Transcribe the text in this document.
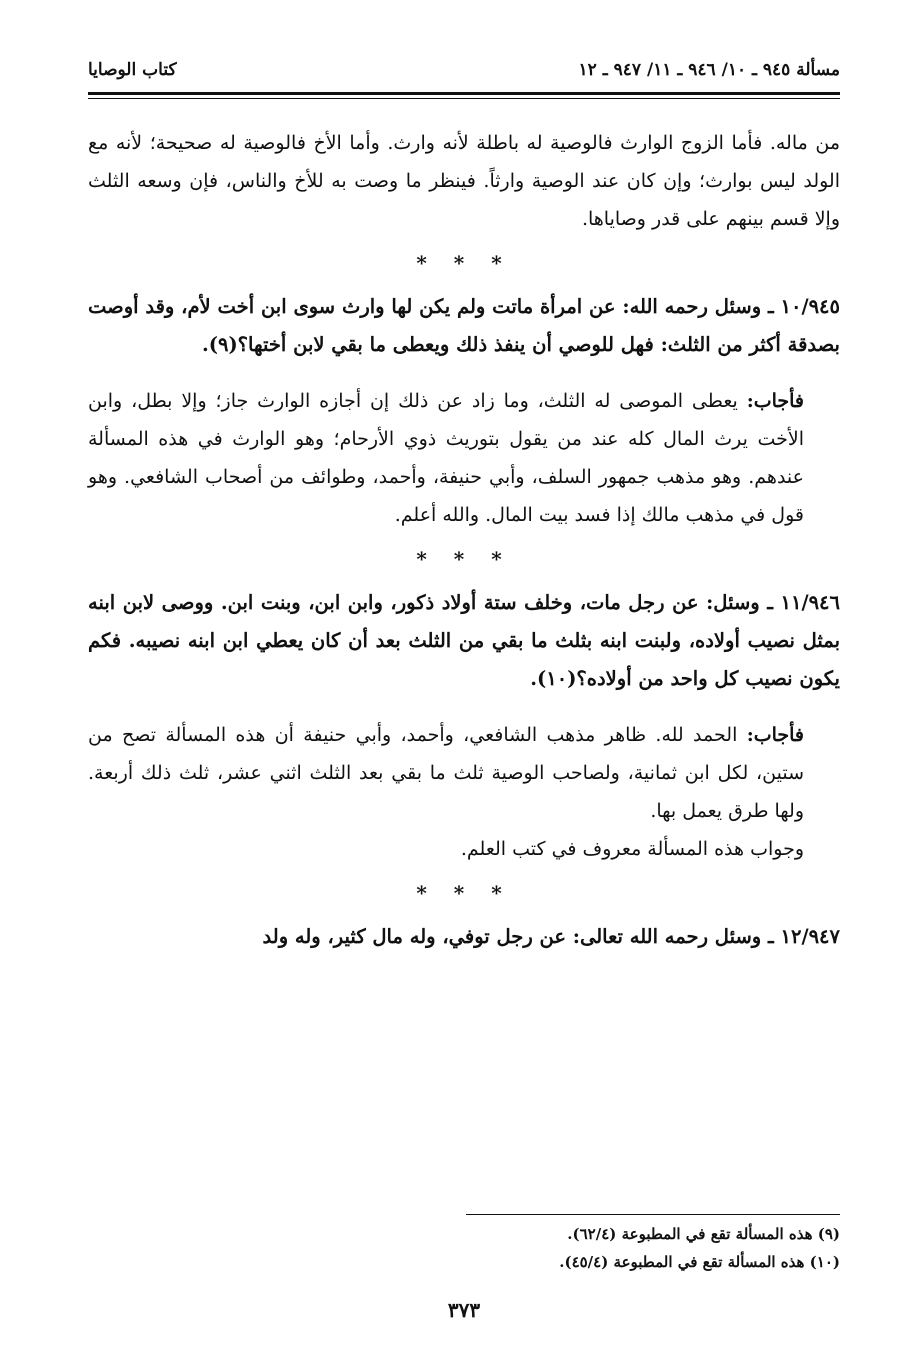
مسألة ٩٤٥ ـ ١٠/ ٩٤٦ ـ ١١/ ٩٤٧ ـ ١٢
كتاب الوصايا

من ماله. فأما الزوج الوارث فالوصية له باطلة لأنه وارث. وأما الأخ فالوصية له صحيحة؛ لأنه مع الولد ليس بوارث؛ وإن كان عند الوصية وارثاً. فينظر ما وصت به للأخ والناس، فإن وسعه الثلث وإلا قسم بينهم على قدر وصاياها.

* * *

١٠/٩٤٥ ـ وسئل رحمه الله: عن امرأة ماتت ولم يكن لها وارث سوى ابن أخت لأم، وقد أوصت بصدقة أكثر من الثلث: فهل للوصي أن ينفذ ذلك ويعطى ما بقي لابن أختها؟(٩).

فأجاب: يعطى الموصى له الثلث، وما زاد عن ذلك إن أجازه الوارث جاز؛ وإلا بطل، وابن الأخت يرث المال كله عند من يقول بتوريث ذوي الأرحام؛ وهو الوارث في هذه المسألة عندهم. وهو مذهب جمهور السلف، وأبي حنيفة، وأحمد، وطوائف من أصحاب الشافعي. وهو قول في مذهب مالك إذا فسد بيت المال. والله أعلم.

* * *

١١/٩٤٦ ـ وسئل: عن رجل مات، وخلف ستة أولاد ذكور، وابن ابن، وبنت ابن. ووصى لابن ابنه بمثل نصيب أولاده، ولبنت ابنه بثلث ما بقي من الثلث بعد أن كان يعطي ابن ابنه نصيبه. فكم يكون نصيب كل واحد من أولاده؟(١٠).

فأجاب: الحمد لله. ظاهر مذهب الشافعي، وأحمد، وأبي حنيفة أن هذه المسألة تصح من ستين، لكل ابن ثمانية، ولصاحب الوصية ثلث ما بقي بعد الثلث اثني عشر، ثلث ذلك أربعة. ولها طرق يعمل بها.

وجواب هذه المسألة معروف في كتب العلم.

* * *

١٢/٩٤٧ ـ وسئل رحمه الله تعالى: عن رجل توفي، وله مال كثير، وله ولد

(٩) هذه المسألة تقع في المطبوعة (٦٢/٤).

(١٠) هذه المسألة تقع في المطبوعة (٤٥/٤).

٣٧٣
